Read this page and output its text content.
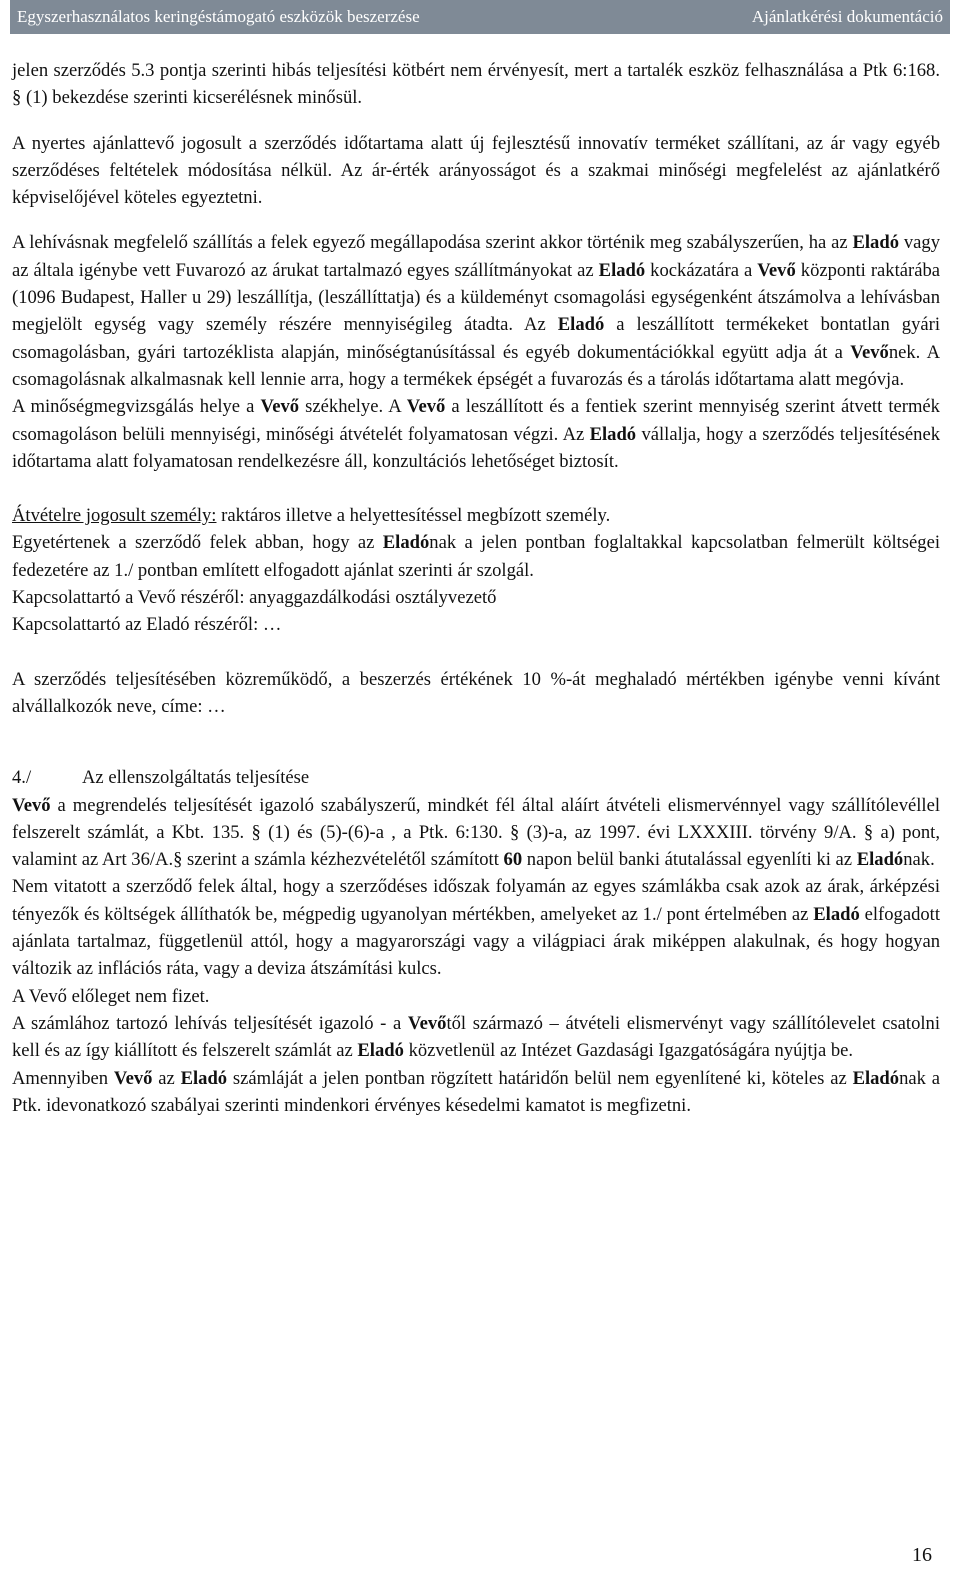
Egyszerhasználatos keringéstámogató eszközök beszerzése	Ajánlatkérési dokumentáció

jelen szerződés 5.3 pontja szerinti hibás teljesítési kötbért nem érvényesít, mert a tartalék eszköz felhasználása a Ptk 6:168. § (1) bekezdése szerinti kicserélésnek minősül.

A nyertes ajánlattevő jogosult a szerződés időtartama alatt új fejlesztésű innovatív terméket szállítani, az ár vagy egyéb szerződéses feltételek módosítása nélkül. Az ár-érték arányosságot és a szakmai minőségi megfelelést az ajánlatkérő képviselőjével köteles egyeztetni.

A lehívásnak megfelelő szállítás a felek egyező megállapodása szerint akkor történik meg szabályszerűen, ha az Eladó vagy az általa igénybe vett Fuvarozó az árukat tartalmazó egyes szállítmányokat az Eladó kockázatára a Vevő központi raktárába (1096 Budapest, Haller u 29) leszállítja, (leszállíttatja) és a küldeményt csomagolási egységenként átszámolva a lehívásban megjelölt egység vagy személy részére mennyiségileg átadta. Az Eladó a leszállított termékeket bontatlan gyári csomagolásban, gyári tartozéklista alapján, minőségtanúsítással és egyéb dokumentációkkal együtt adja át a Vevőnek. A csomagolásnak alkalmasnak kell lennie arra, hogy a termékek épségét a fuvarozás és a tárolás időtartama alatt megóvja.

A minőségmegvizsgálás helye a Vevő székhelye. A Vevő a leszállított és a fentiek szerint mennyiség szerint átvett termék csomagoláson belüli mennyiségi, minőségi átvételét folyamatosan végzi. Az Eladó vállalja, hogy a szerződés teljesítésének időtartama alatt folyamatosan rendelkezésre áll, konzultációs lehetőséget biztosít.

Átvételre jogosult személy: raktáros illetve a helyettesítéssel megbízott személy.

Egyetértenek a szerződő felek abban, hogy az Eladónak a jelen pontban foglaltakkal kapcsolatban felmerült költségei fedezetére az 1./ pontban említett elfogadott ajánlat szerinti ár szolgál.

Kapcsolattartó a Vevő részéről: anyaggazdálkodási osztályvezető

Kapcsolattartó az Eladó részéről: …

A szerződés teljesítésében közreműködő, a beszerzés értékének 10 %-át meghaladó mértékben igénybe venni kívánt alvállalkozók neve, címe: …

4./	Az ellenszolgáltatás teljesítése

Vevő a megrendelés teljesítését igazoló szabályszerű, mindkét fél által aláírt átvételi elismervénnyel vagy szállítólevéllel felszerelt számlát, a Kbt. 135. § (1) és (5)-(6)-a , a Ptk. 6:130. § (3)-a, az 1997. évi LXXXIII. törvény 9/A. § a) pont, valamint az Art 36/A.§ szerint a számla kézhezvételétől számított 60 napon belül banki átutalással egyenlíti ki az Eladónak.

Nem vitatott a szerződő felek által, hogy a szerződéses időszak folyamán az egyes számlákba csak azok az árak, árképzési tényezők és költségek állíthatók be, mégpedig ugyanolyan mértékben, amelyeket az 1./ pont értelmében az Eladó elfogadott ajánlata tartalmaz, függetlenül attól, hogy a magyarországi vagy a világpiaci árak miképpen alakulnak, és hogy hogyan változik az inflációs ráta, vagy a deviza átszámítási kulcs.

A Vevő előleget nem fizet.

A számlához tartozó lehívás teljesítését igazoló - a Vevőtől származó – átvételi elismervényt vagy szállítólevelet csatolni kell és az így kiállított és felszerelt számlát az Eladó közvetlenül az Intézet Gazdasági Igazgatóságára nyújtja be.

Amennyiben Vevő az Eladó számláját a jelen pontban rögzített határidőn belül nem egyenlítené ki, köteles az Eladónak a Ptk. idevonatkozó szabályai szerinti mindenkori érvényes késedelmi kamatot is megfizetni.

16
